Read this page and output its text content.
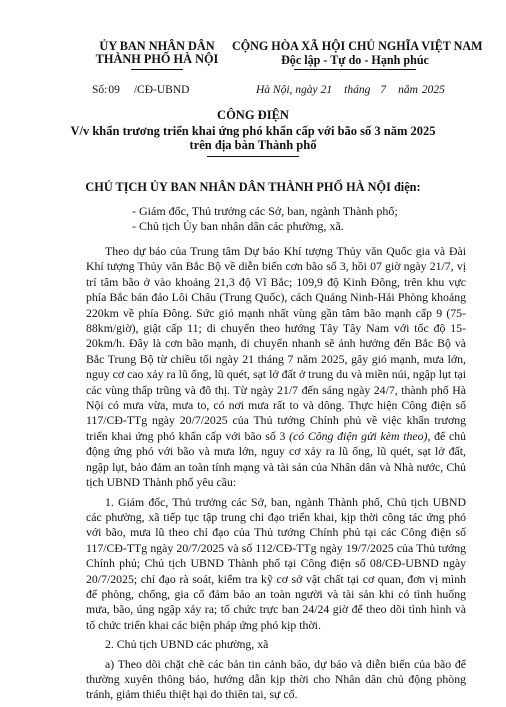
ỦY BAN NHÂN DÂN
THÀNH PHỐ HÀ NỘI
CỘNG HÒA XÃ HỘI CHỦ NGHĨA VIỆT NAM
Độc lập - Tự do - Hạnh phúc
Số:09 /CĐ-UBND	Hà Nội, ngày 21 tháng 7 năm 2025
CÔNG ĐIỆN
V/v khẩn trương triển khai ứng phó khẩn cấp với bão số 3 năm 2025
trên địa bàn Thành phố
CHỦ TỊCH ỦY BAN NHÂN DÂN THÀNH PHỐ HÀ NỘI điện:
- Giám đốc, Thủ trưởng các Sở, ban, ngành Thành phố;
- Chủ tịch Ủy ban nhân dân các phường, xã.

Theo dự báo của Trung tâm Dự báo Khí tượng Thủy văn Quốc gia và Đài Khí tượng Thủy văn Bắc Bộ về diễn biến cơn bão số 3, hồi 07 giờ ngày 21/7, vị trí tâm bão ở vào khoảng 21,3 độ Vĩ Bắc; 109,9 độ Kinh Đông, trên khu vực phía Bắc bán đảo Lôi Châu (Trung Quốc), cách Quảng Ninh-Hải Phòng khoảng 220km về phía Đông. Sức gió mạnh nhất vùng gần tâm bão mạnh cấp 9 (75-88km/giờ), giật cấp 11; di chuyển theo hướng Tây Tây Nam với tốc độ 15-20km/h. Đây là cơn bão mạnh, di chuyển nhanh sẽ ảnh hưởng đến Bắc Bộ và Bắc Trung Bộ từ chiều tối ngày 21 tháng 7 năm 2025, gây gió mạnh, mưa lớn, nguy cơ cao xảy ra lũ ống, lũ quét, sạt lở đất ở trung du và miền núi, ngập lụt tại các vùng thấp trũng và đô thị. Từ ngày 21/7 đến sáng ngày 24/7, thành phố Hà Nội có mưa vừa, mưa to, có nơi mưa rất to và dông. Thực hiện Công điện số 117/CĐ-TTg ngày 20/7/2025 của Thủ tướng Chính phủ về việc khẩn trương triển khai ứng phó khẩn cấp với bão số 3 (có Công điện gửi kèm theo), để chủ động ứng phó với bão và mưa lớn, nguy cơ xảy ra lũ ống, lũ quét, sạt lở đất, ngập lụt, bảo đảm an toàn tính mạng và tài sản của Nhân dân và Nhà nước, Chủ tịch UBND Thành phố yêu cầu:

1. Giám đốc, Thủ trưởng các Sở, ban, ngành Thành phố, Chủ tịch UBND các phường, xã tiếp tục tập trung chỉ đạo triển khai, kịp thời công tác ứng phó với bão, mưa lũ theo chỉ đạo của Thủ tướng Chính phủ tại các Công điện số 117/CĐ-TTg ngày 20/7/2025 và số 112/CĐ-TTg ngày 19/7/2025 của Thủ tướng Chính phủ; Chủ tịch UBND Thành phố tại Công điện số 08/CĐ-UBND ngày 20/7/2025; chỉ đạo rà soát, kiểm tra kỹ cơ sở vật chất tại cơ quan, đơn vị mình để phòng, chống, gia cố đảm bảo an toàn người và tài sản khi có tình huống mưa, bão, úng ngập xảy ra; tổ chức trực ban 24/24 giờ để theo dõi tình hình và tổ chức triển khai các biện pháp ứng phó kịp thời.

2. Chủ tịch UBND các phường, xã

a) Theo dõi chặt chẽ các bản tin cảnh báo, dự báo và diễn biến của bão để thường xuyên thông báo, hướng dẫn kịp thời cho Nhân dân chủ động phòng tránh, giảm thiểu thiệt hại do thiên tai, sự cố.
